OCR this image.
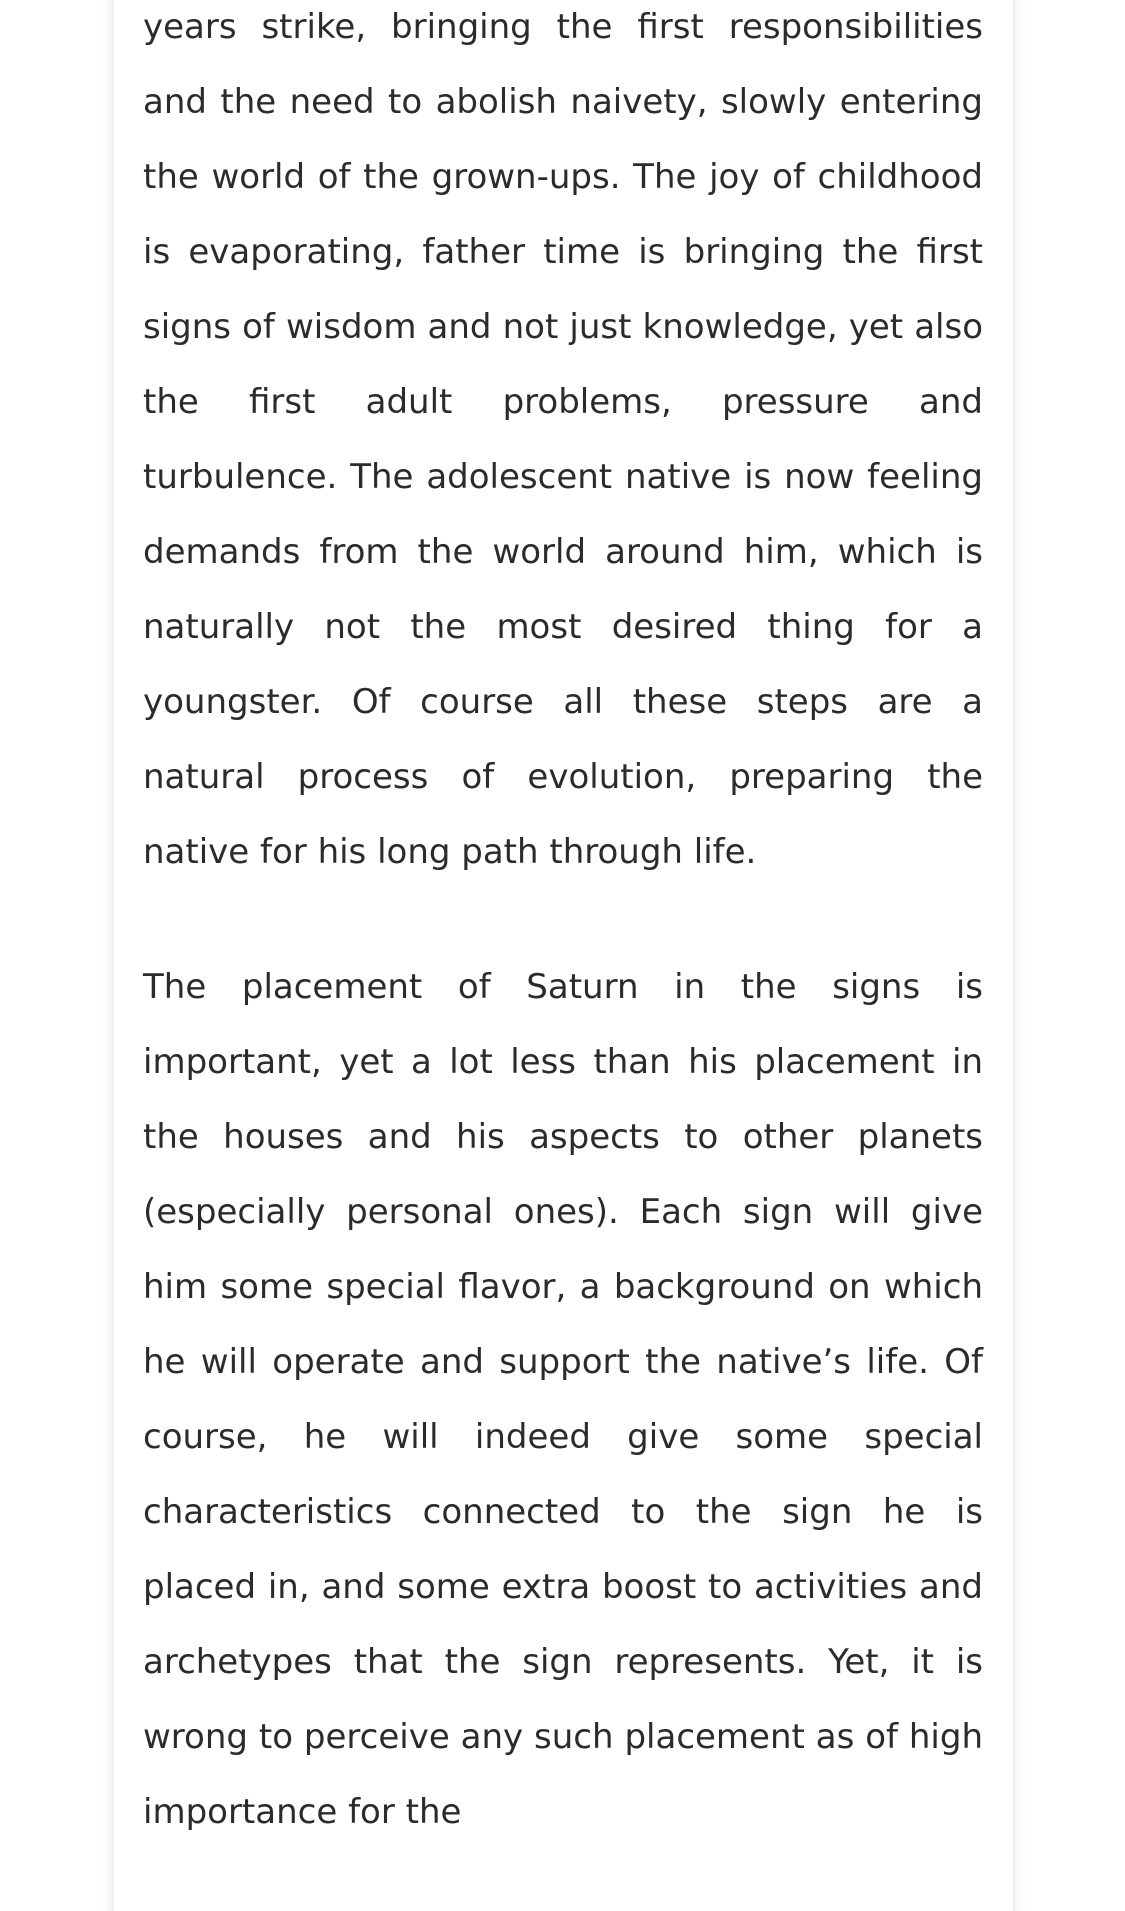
years strike, bringing the first responsibilities and the need to abolish naivety, slowly entering the world of the grown-ups. The joy of childhood is evaporating, father time is bringing the first signs of wisdom and not just knowledge, yet also the first adult problems, pressure and turbulence. The adolescent native is now feeling demands from the world around him, which is naturally not the most desired thing for a youngster. Of course all these steps are a natural process of evolution, preparing the native for his long path through life.

The placement of Saturn in the signs is important, yet a lot less than his placement in the houses and his aspects to other planets (especially personal ones). Each sign will give him some special flavor, a background on which he will operate and support the native’s life. Of course, he will indeed give some special characteristics connected to the sign he is placed in, and some extra boost to activities and archetypes that the sign represents. Yet, it is wrong to perceive any such placement as of high importance for the
